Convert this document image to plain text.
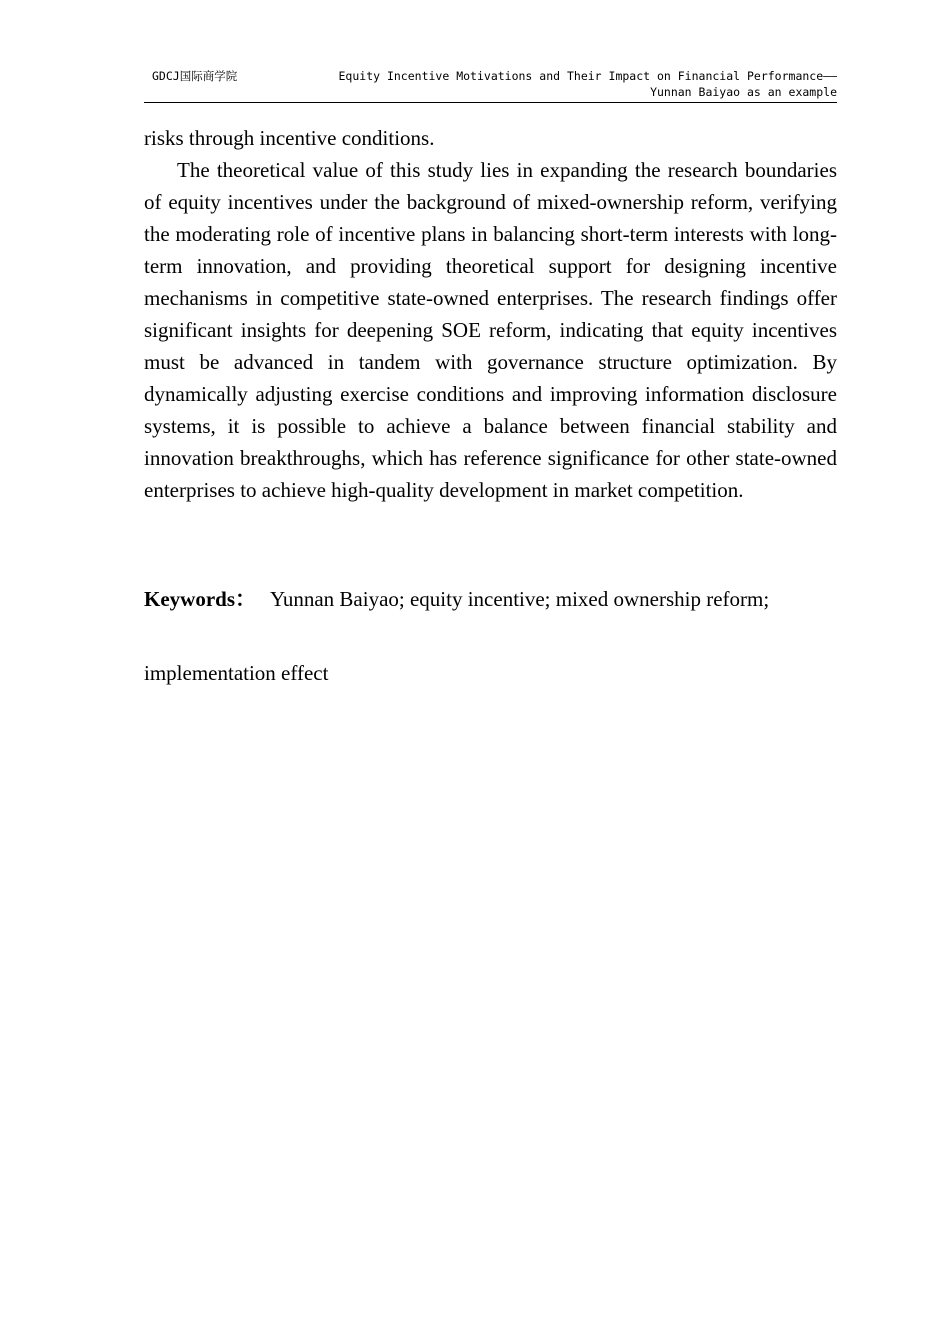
GDCJ国际商学院	Equity Incentive Motivations and Their Impact on Financial Performance——
Yunnan Baiyao as an example

risks through incentive conditions.

The theoretical value of this study lies in expanding the research boundaries of equity incentives under the background of mixed-ownership reform, verifying the moderating role of incentive plans in balancing short-term interests with long-term innovation, and providing theoretical support for designing incentive mechanisms in competitive state-owned enterprises. The research findings offer significant insights for deepening SOE reform, indicating that equity incentives must be advanced in tandem with governance structure optimization. By dynamically adjusting exercise conditions and improving information disclosure systems, it is possible to achieve a balance between financial stability and innovation breakthroughs, which has reference significance for other state-owned enterprises to achieve high-quality development in market competition.

Keywords： Yunnan Baiyao; equity incentive; mixed ownership reform;
implementation effect
